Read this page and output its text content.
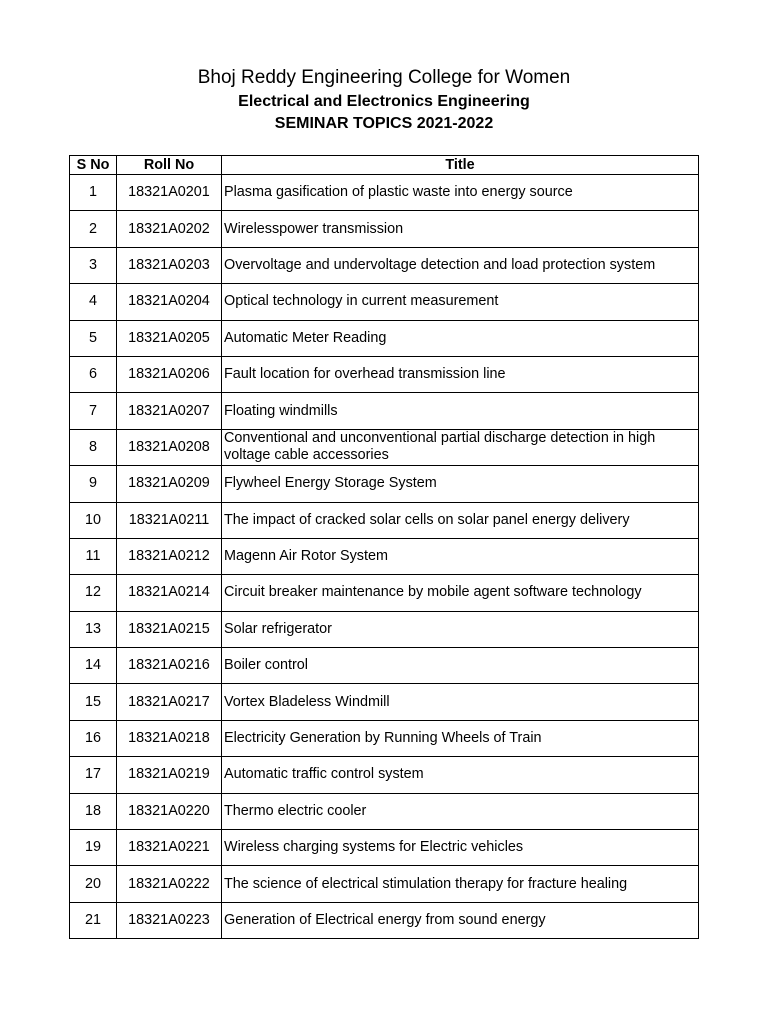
Bhoj Reddy Engineering College for Women
Electrical and Electronics Engineering
SEMINAR TOPICS 2021-2022
S No	Roll No	Title
1	18321A0201	Plasma gasification of plastic waste into energy source
2	18321A0202	Wirelesspower transmission
3	18321A0203	Overvoltage and undervoltage detection and load protection system
4	18321A0204	Optical technology in current measurement
5	18321A0205	Automatic Meter Reading
6	18321A0206	Fault location for overhead transmission line
7	18321A0207	Floating windmills
8	18321A0208	Conventional and unconventional partial discharge detection in high voltage cable accessories
9	18321A0209	Flywheel Energy Storage System
10	18321A0211	The impact of cracked solar cells on solar panel energy delivery
11	18321A0212	Magenn Air Rotor System
12	18321A0214	Circuit breaker maintenance by mobile agent software technology
13	18321A0215	Solar refrigerator
14	18321A0216	Boiler control
15	18321A0217	Vortex Bladeless Windmill
16	18321A0218	Electricity Generation by Running Wheels of Train
17	18321A0219	Automatic traffic control system
18	18321A0220	Thermo electric cooler
19	18321A0221	Wireless charging systems for Electric vehicles
20	18321A0222	The science of electrical stimulation therapy for fracture healing
21	18321A0223	Generation of Electrical energy from sound energy
